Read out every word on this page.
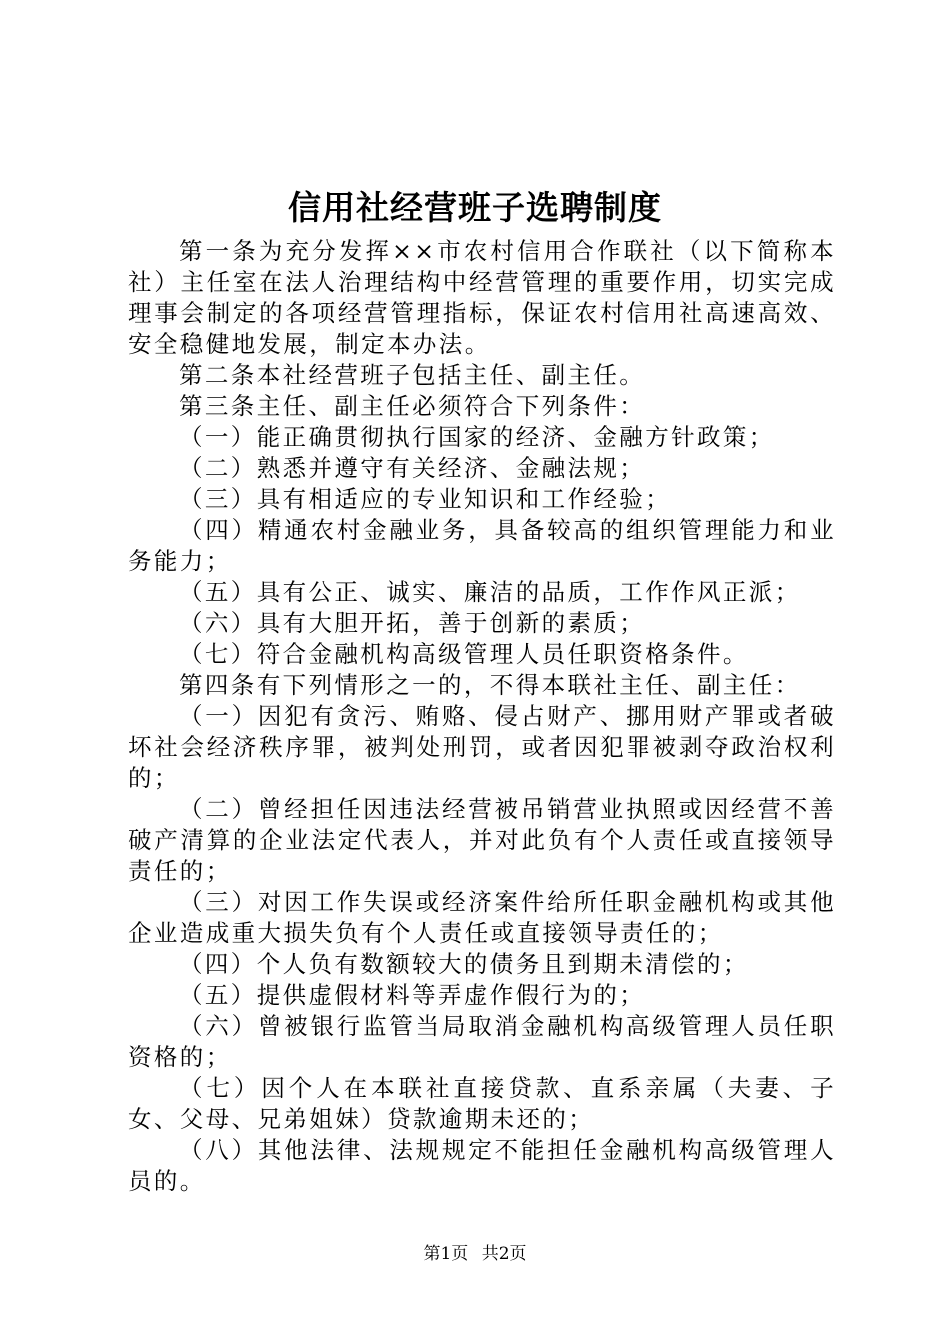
信用社经营班子选聘制度

第一条为充分发挥××市农村信用合作联社（以下简称本社）主任室在法人治理结构中经营管理的重要作用，切实完成理事会制定的各项经营管理指标，保证农村信用社高速高效、安全稳健地发展，制定本办法。

第二条本社经营班子包括主任、副主任。

第三条主任、副主任必须符合下列条件：

（一）能正确贯彻执行国家的经济、金融方针政策；

（二）熟悉并遵守有关经济、金融法规；

（三）具有相适应的专业知识和工作经验；

（四）精通农村金融业务，具备较高的组织管理能力和业务能力；

（五）具有公正、诚实、廉洁的品质，工作作风正派；

（六）具有大胆开拓，善于创新的素质；

（七）符合金融机构高级管理人员任职资格条件。

第四条有下列情形之一的，不得本联社主任、副主任：

（一）因犯有贪污、贿赂、侵占财产、挪用财产罪或者破坏社会经济秩序罪，被判处刑罚，或者因犯罪被剥夺政治权利的；

（二）曾经担任因违法经营被吊销营业执照或因经营不善破产清算的企业法定代表人，并对此负有个人责任或直接领导责任的；

（三）对因工作失误或经济案件给所任职金融机构或其他企业造成重大损失负有个人责任或直接领导责任的；

（四）个人负有数额较大的债务且到期未清偿的；

（五）提供虚假材料等弄虚作假行为的；

（六）曾被银行监管当局取消金融机构高级管理人员任职资格的；

（七）因个人在本联社直接贷款、直系亲属（夫妻、子女、父母、兄弟姐妹）贷款逾期未还的；

（八）其他法律、法规规定不能担任金融机构高级管理人员的。

第1页 共2页
